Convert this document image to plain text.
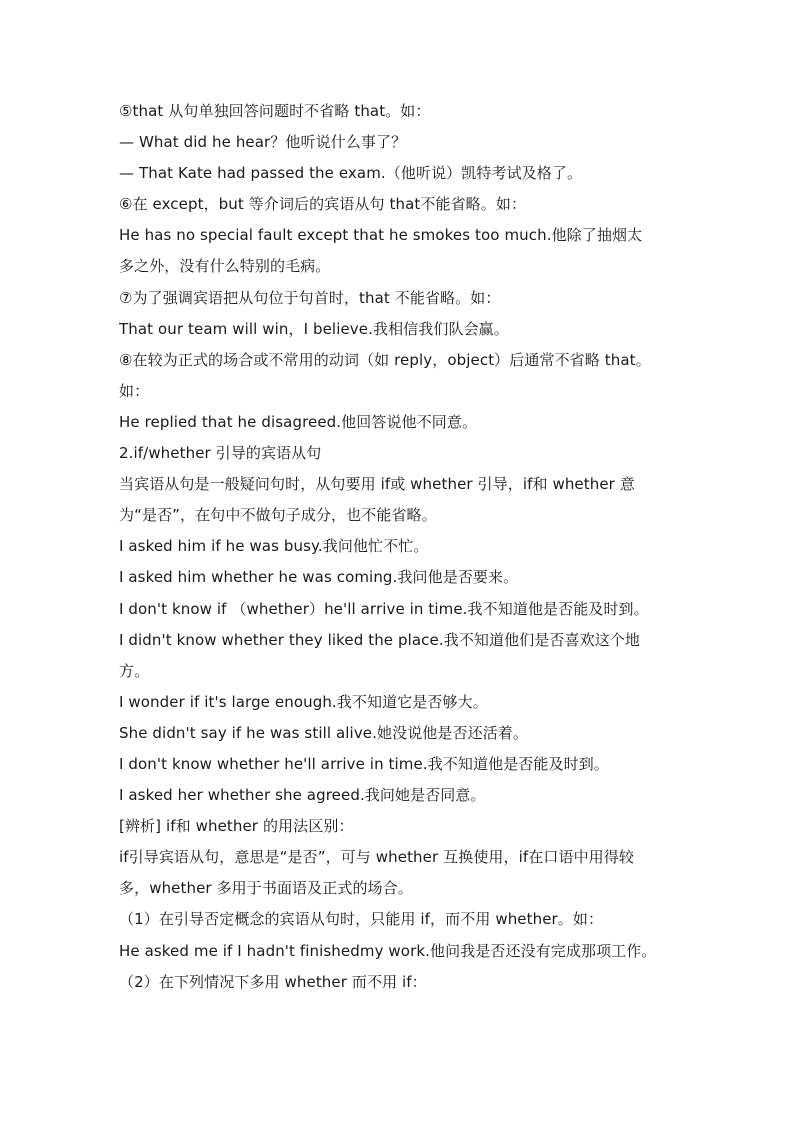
⑤that 从句单独回答问题时不省略 that。如：
— What did he hear？他听说什么事了？
— That Kate had passed the exam.（他听说）凯特考试及格了。
⑥在 except，but 等介词后的宾语从句 that不能省略。如：
He has no special fault except that he smokes too much.他除了抽烟太
多之外，没有什么特别的毛病。
⑦为了强调宾语把从句位于句首时，that 不能省略。如：
That our team will win，I believe.我相信我们队会赢。
⑧在较为正式的场合或不常用的动词（如 reply，object）后通常不省略 that。
如：
He replied that he disagreed.他回答说他不同意。
2.if/whether 引导的宾语从句
当宾语从句是一般疑问句时，从句要用 if或 whether 引导，if和 whether 意
为“是否”，在句中不做句子成分，也不能省略。
I asked him if he was busy.我问他忙不忙。
I asked him whether he was coming.我问他是否要来。
I don't know if （whether）he'll arrive in time.我不知道他是否能及时到。
I didn't know whether they liked the place.我不知道他们是否喜欢这个地
方。
I wonder if it's large enough.我不知道它是否够大。
She didn't say if he was still alive.她没说他是否还活着。
I don't know whether he'll arrive in time.我不知道他是否能及时到。
I asked her whether she agreed.我问她是否同意。
[辨析] if和 whether 的用法区别：
if引导宾语从句，意思是“是否”，可与 whether 互换使用，if在口语中用得较
多，whether 多用于书面语及正式的场合。
（1）在引导否定概念的宾语从句时，只能用 if，而不用 whether。如：
He asked me if I hadn't finishedmy work.他问我是否还没有完成那项工作。
（2）在下列情况下多用 whether 而不用 if：
